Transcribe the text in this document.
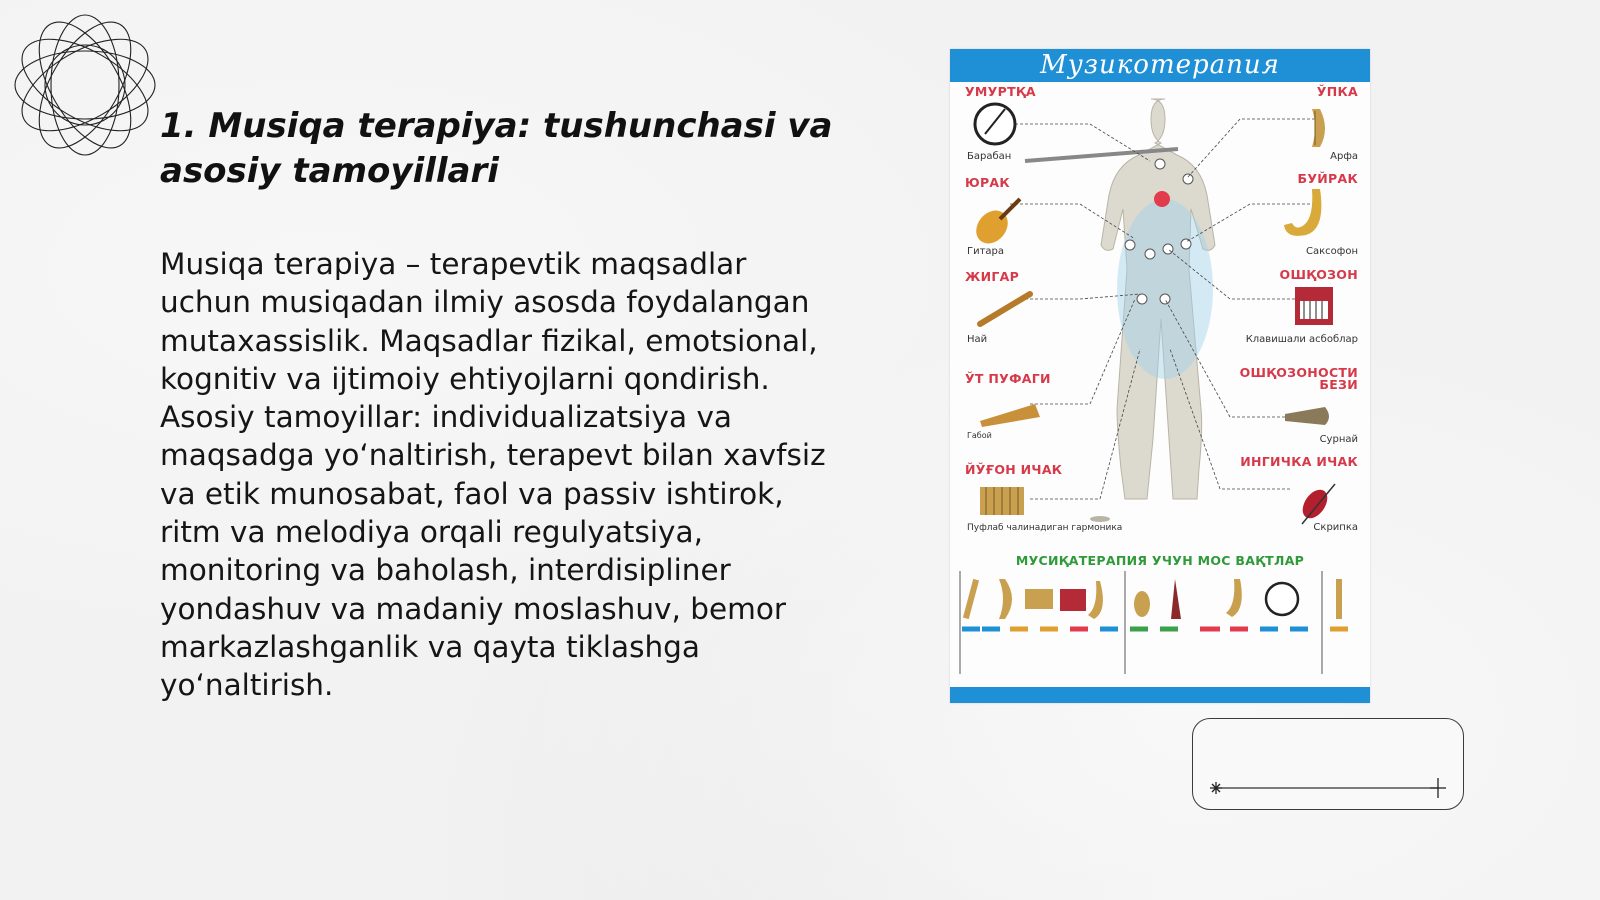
1. Musiqa terapiya: tushunchasi va asosiy tamoyillari

Musiqa terapiya – terapevtik maqsadlar uchun musiqadan ilmiy asosda foydalangan mutaxassislik. Maqsadlar fizikal, emotsional, kognitiv va ijtimoiy ehtiyojlarni qondirish. Asosiy tamoyillar: individualizatsiya va maqsadga yo‘naltirish, terapevt bilan xavfsiz va etik munosabat, faol va passiv ishtirok, ritm va melodiya orqali regulyatsiya, monitoring va baholash, interdisipliner yondashuv va madaniy moslashuv, bemor markazlashganlik va qayta tiklashga yo‘naltirish.

Музикотерапия
УМУРТҚА
ЮРАК
ЖИГАР
ЎТ ПУФАГИ
ЙЎҒОН ИЧАК
ЎПКА
БУЙРАК
ОШҚОЗОН
ОШҚОЗОНОСТИ БЕЗИ
ИНГИЧКА ИЧАК
Барабан
Гитара
Най
Габой
Пуфлаб чалинадиган гармоника
Арфа
Саксофон
Клавишали асбоблар
Сурнай
Скрипка
МУСИҚАТЕРАПИЯ УЧУН МОС ВАҚТЛАР
